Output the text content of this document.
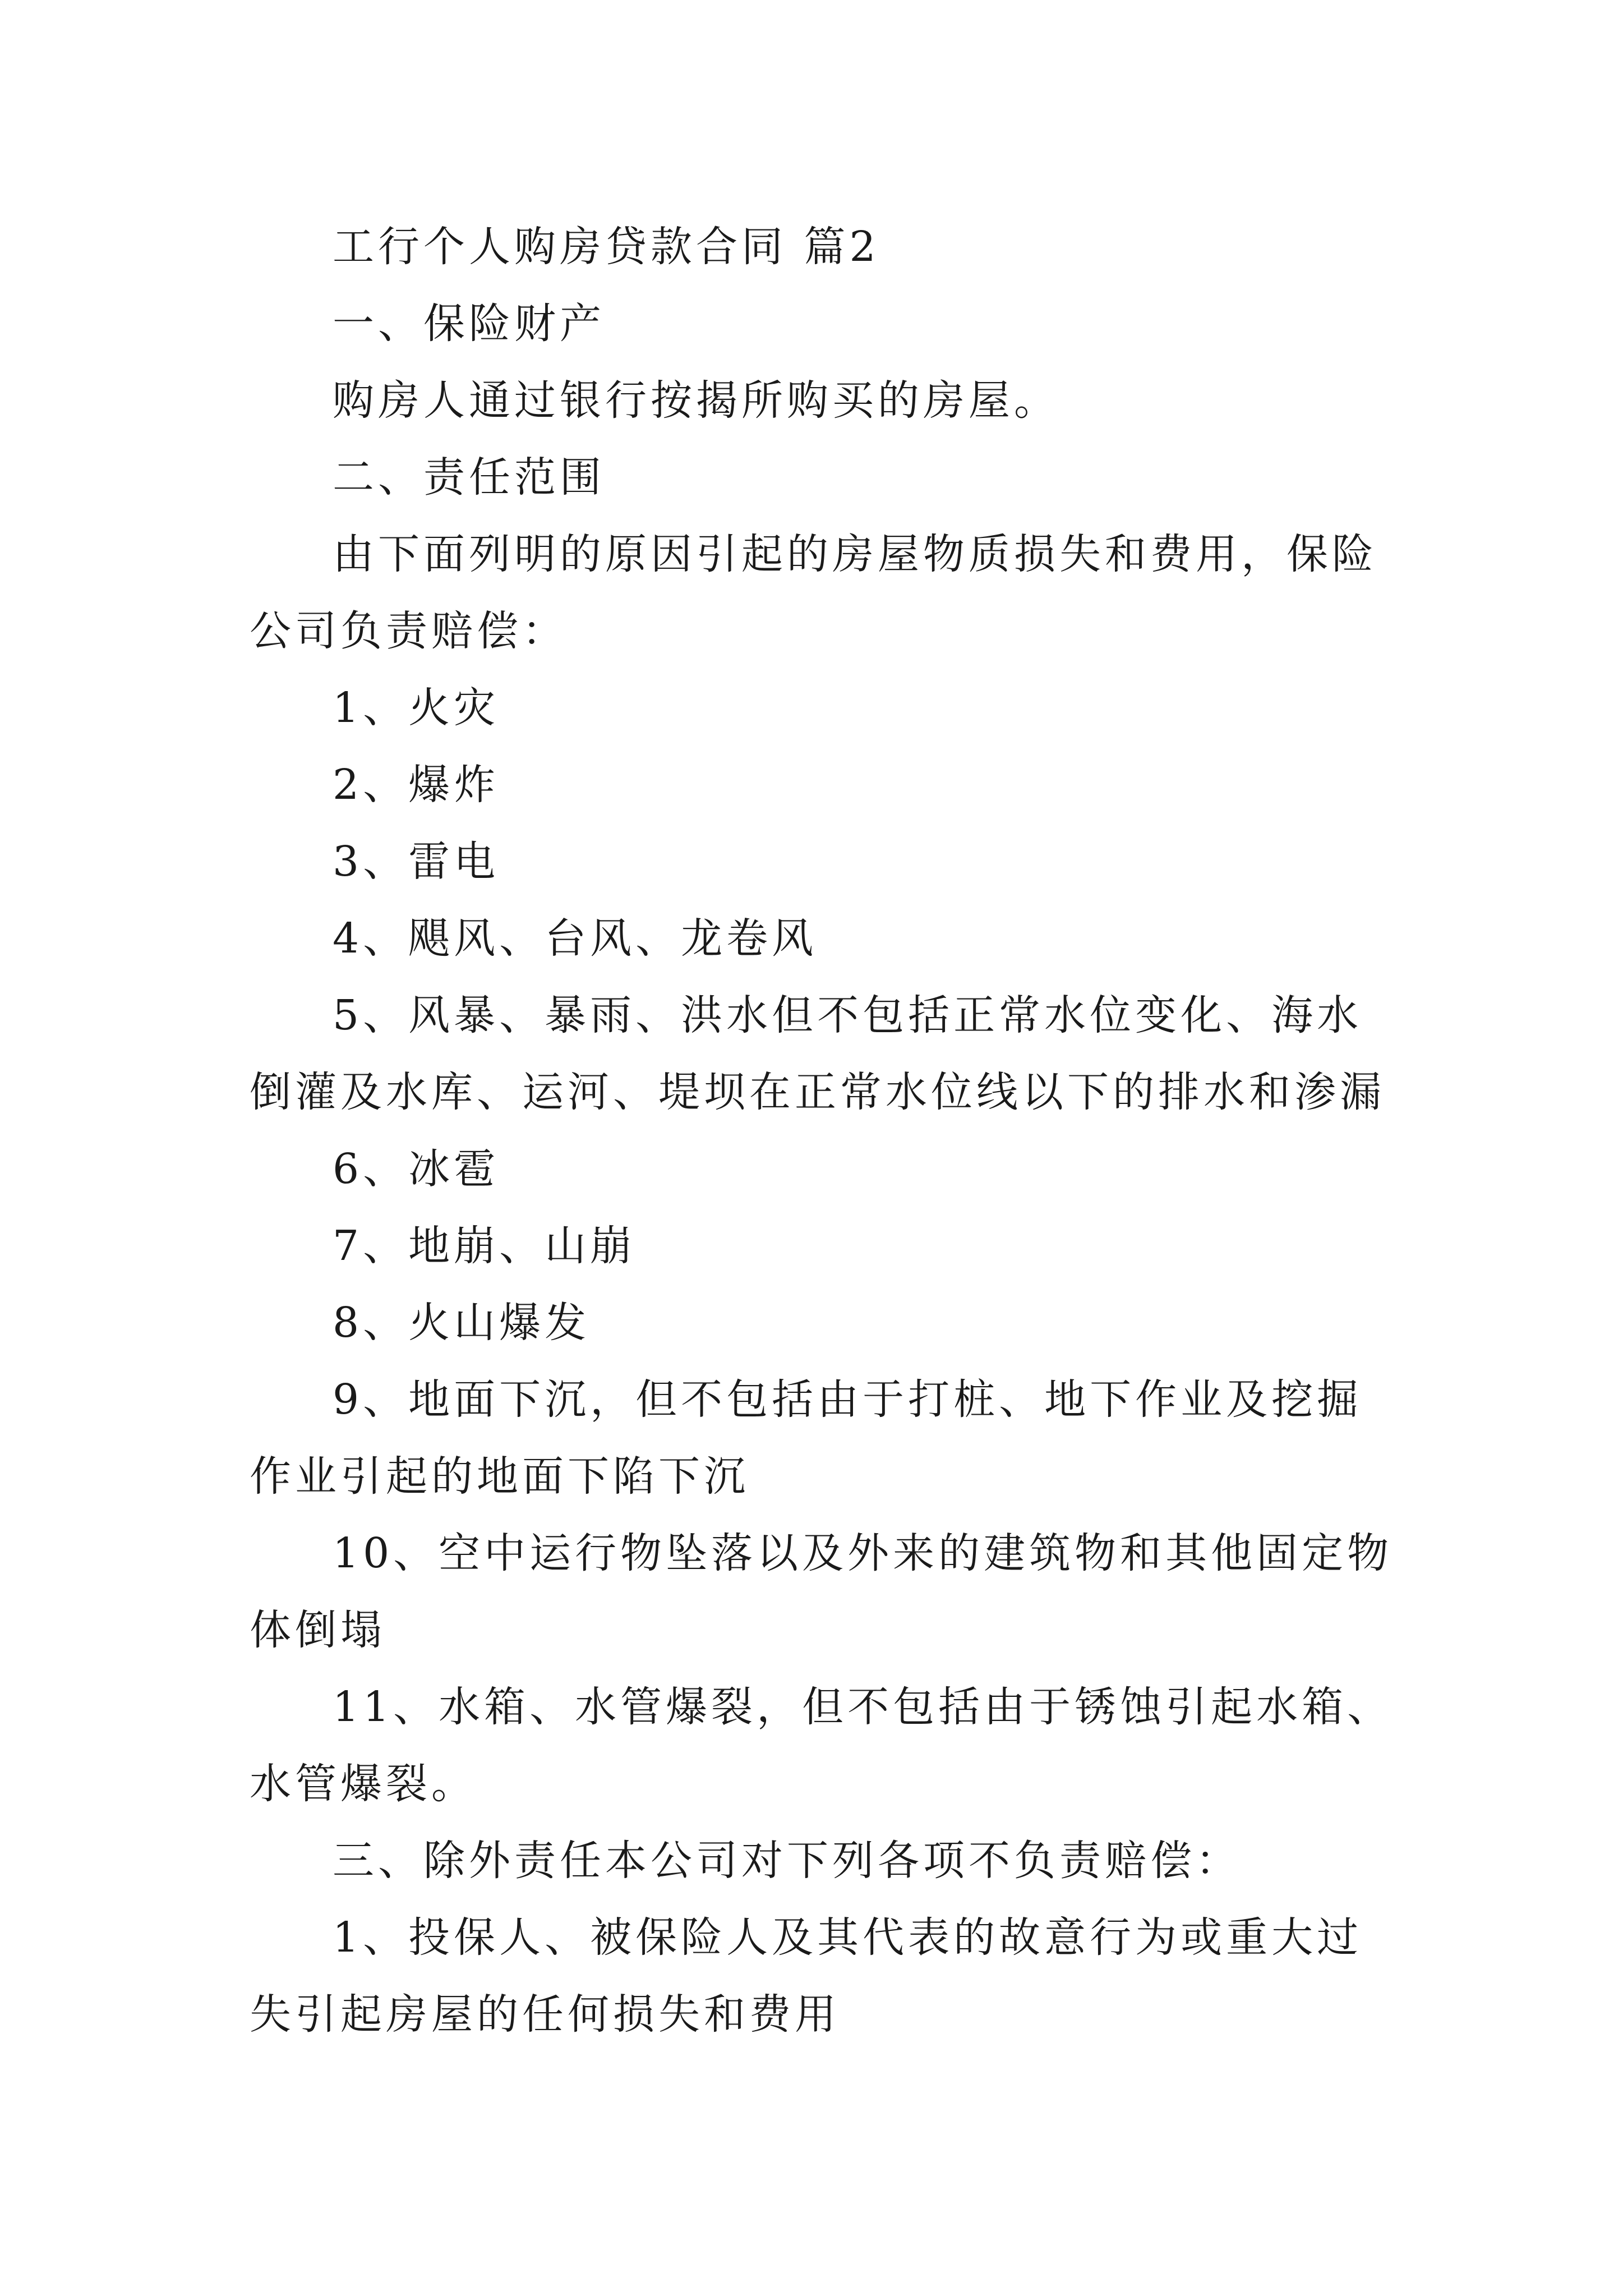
工行个人购房贷款合同 篇2

一、保险财产

购房人通过银行按揭所购买的房屋。

二、责任范围

由下面列明的原因引起的房屋物质损失和费用，保险公司负责赔偿：

1、火灾

2、爆炸

3、雷电

4、飓风、台风、龙卷风

5、风暴、暴雨、洪水但不包括正常水位变化、海水倒灌及水库、运河、堤坝在正常水位线以下的排水和渗漏

6、冰雹

7、地崩、山崩

8、火山爆发

9、地面下沉，但不包括由于打桩、地下作业及挖掘作业引起的地面下陷下沉

10、空中运行物坠落以及外来的建筑物和其他固定物体倒塌

11、水箱、水管爆裂，但不包括由于锈蚀引起水箱、水管爆裂。

三、除外责任本公司对下列各项不负责赔偿：

1、投保人、被保险人及其代表的故意行为或重大过失引起房屋的任何损失和费用
